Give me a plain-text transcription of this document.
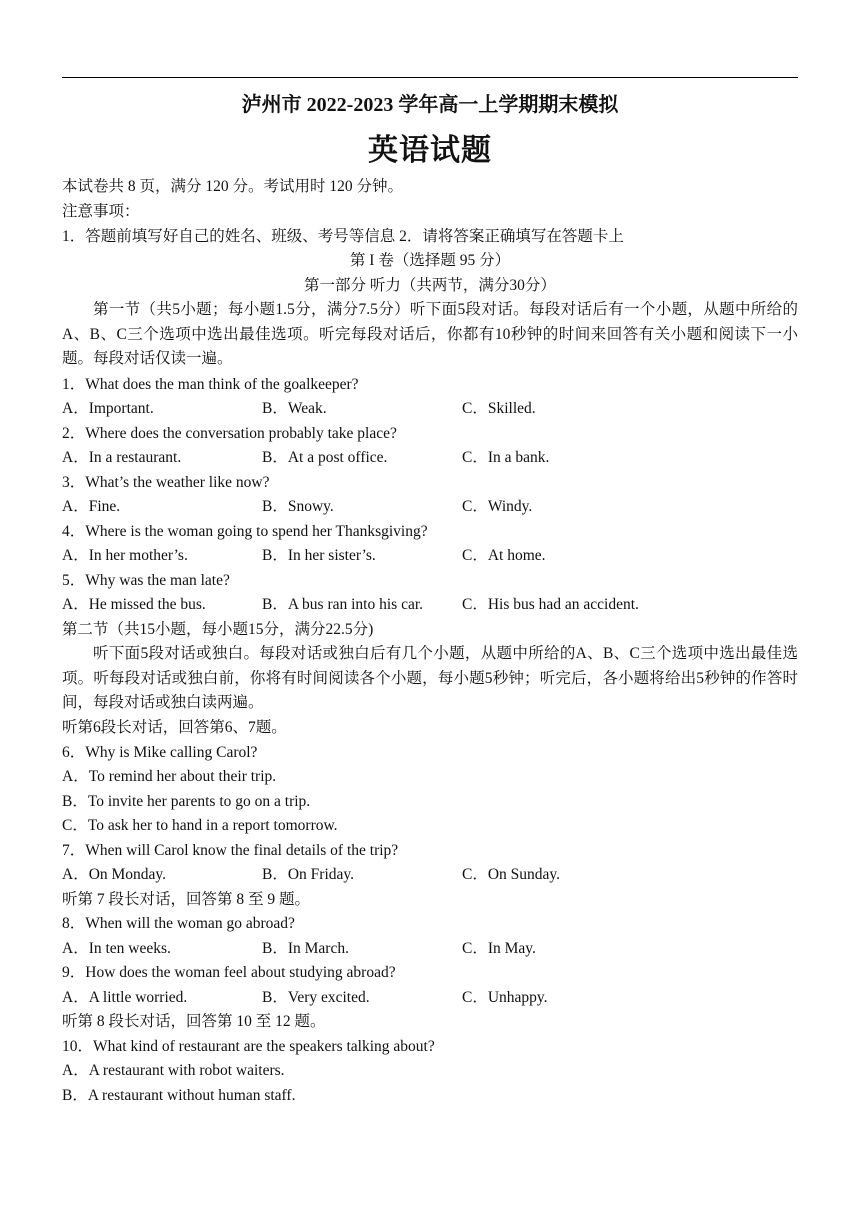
泸州市 2022-2023 学年高一上学期期末模拟
英语试题
本试卷共 8 页，满分 120 分。考试用时 120 分钟。
注意事项：
1．答题前填写好自己的姓名、班级、考号等信息 2．请将答案正确填写在答题卡上
第 I 卷（选择题 95 分）
第一部分 听力（共两节，满分30分）
第一节（共5小题；每小题1.5分，满分7.5分）听下面5段对话。每段对话后有一个小题，从题中所给的A、B、C三个选项中选出最佳选项。听完每段对话后，你都有10秒钟的时间来回答有关小题和阅读下一小题。每段对话仅读一遍。
1．What does the man think of the goalkeeper?
A．Important.	B．Weak.	C．Skilled.
2．Where does the conversation probably take place?
A．In a restaurant.	B．At a post office.	C．In a bank.
3．What’s the weather like now?
A．Fine.	B．Snowy.	C．Windy.
4．Where is the woman going to spend her Thanksgiving?
A．In her mother’s.	B．In her sister’s.	C．At home.
5．Why was the man late?
A．He missed the bus.	B．A bus ran into his car.	C．His bus had an accident.
第二节（共15小题，每小题15分，满分22.5分)
听下面5段对话或独白。每段对话或独白后有几个小题，从题中所给的A、B、C三个选项中选出最佳选项。听每段对话或独白前，你将有时间阅读各个小题，每小题5秒钟；听完后，各小题将给出5秒钟的作答时间，每段对话或独白读两遍。
听第6段长对话，回答第6、7题。
6．Why is Mike calling Carol?
A．To remind her about their trip.
B．To invite her parents to go on a trip.
C．To ask her to hand in a report tomorrow.
7．When will Carol know the final details of the trip?
A．On Monday.	B．On Friday.	C．On Sunday.
听第 7 段长对话，回答第 8 至 9 题。
8．When will the woman go abroad?
A．In ten weeks.	B．In March.	C．In May.
9．How does the woman feel about studying abroad?
A．A little worried.	B．Very excited.	C．Unhappy.
听第 8 段长对话，回答第 10 至 12 题。
10．What kind of restaurant are the speakers talking about?
A．A restaurant with robot waiters.
B．A restaurant without human staff.
